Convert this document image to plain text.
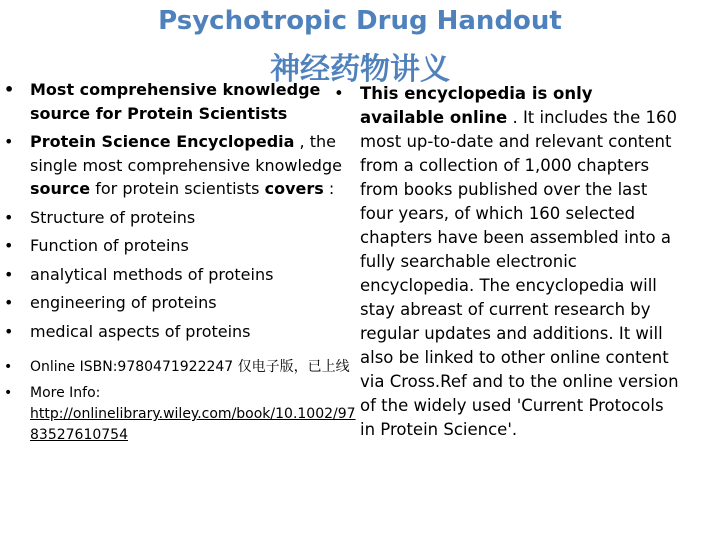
Psychotropic Drug Handout
神经药物讲义
• Most comprehensive knowledge source for Protein Scientists
• Protein Science Encyclopedia , the single most comprehensive knowledge source for protein scientists covers :
• Structure of proteins
• Function of proteins
• analytical methods of proteins
• engineering of proteins
• medical aspects of proteins
• Online ISBN:9780471922247 仅电子版，已上线
• More Info:
http://onlinelibrary.wiley.com/book/10.1002/9783527610754
• This encyclopedia is only available online . It includes the 160 most up-to-date and relevant content from a collection of 1,000 chapters from books published over the last four years, of which 160 selected chapters have been assembled into a fully searchable electronic encyclopedia. The encyclopedia will stay abreast of current research by regular updates and additions. It will also be linked to other online content via Cross.Ref and to the online version of the widely used 'Current Protocols in Protein Science'.
